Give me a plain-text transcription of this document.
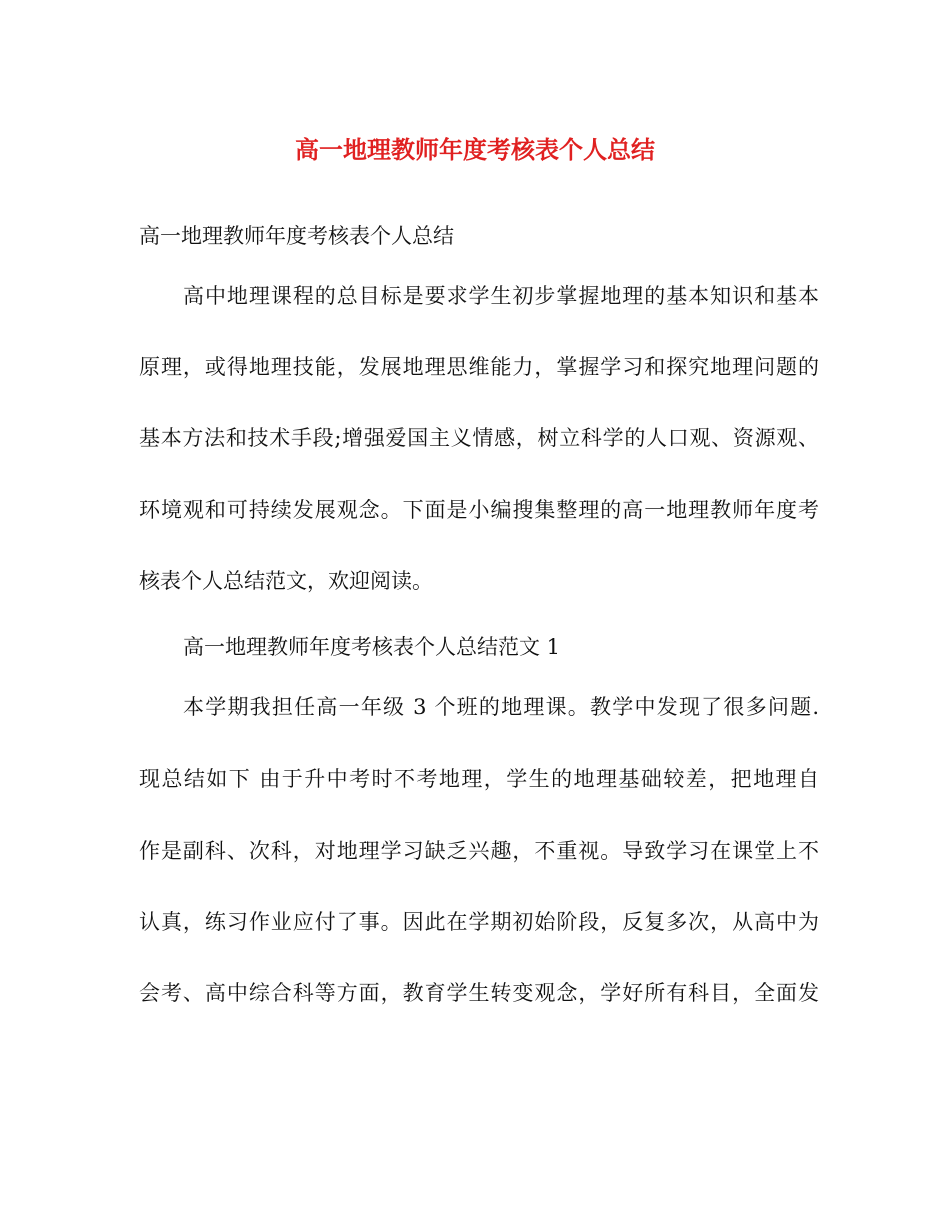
高一地理教师年度考核表个人总结
高一地理教师年度考核表个人总结
高中地理课程的总目标是要求学生初步掌握地理的基本知识和基本
原理，或得地理技能，发展地理思维能力，掌握学习和探究地理问题的
基本方法和技术手段;增强爱国主义情感，树立科学的人口观、资源观、
环境观和可持续发展观念。下面是小编搜集整理的高一地理教师年度考
核表个人总结范文，欢迎阅读。
高一地理教师年度考核表个人总结范文 1
本学期我担任高一年级 3 个班的地理课。教学中发现了很多问题.
现总结如下 由于升中考时不考地理，学生的地理基础较差，把地理自
作是副科、次科，对地理学习缺乏兴趣，不重视。导致学习在课堂上不
认真，练习作业应付了事。因此在学期初始阶段，反复多次，从高中为
会考、高中综合科等方面，教育学生转变观念，学好所有科目，全面发
